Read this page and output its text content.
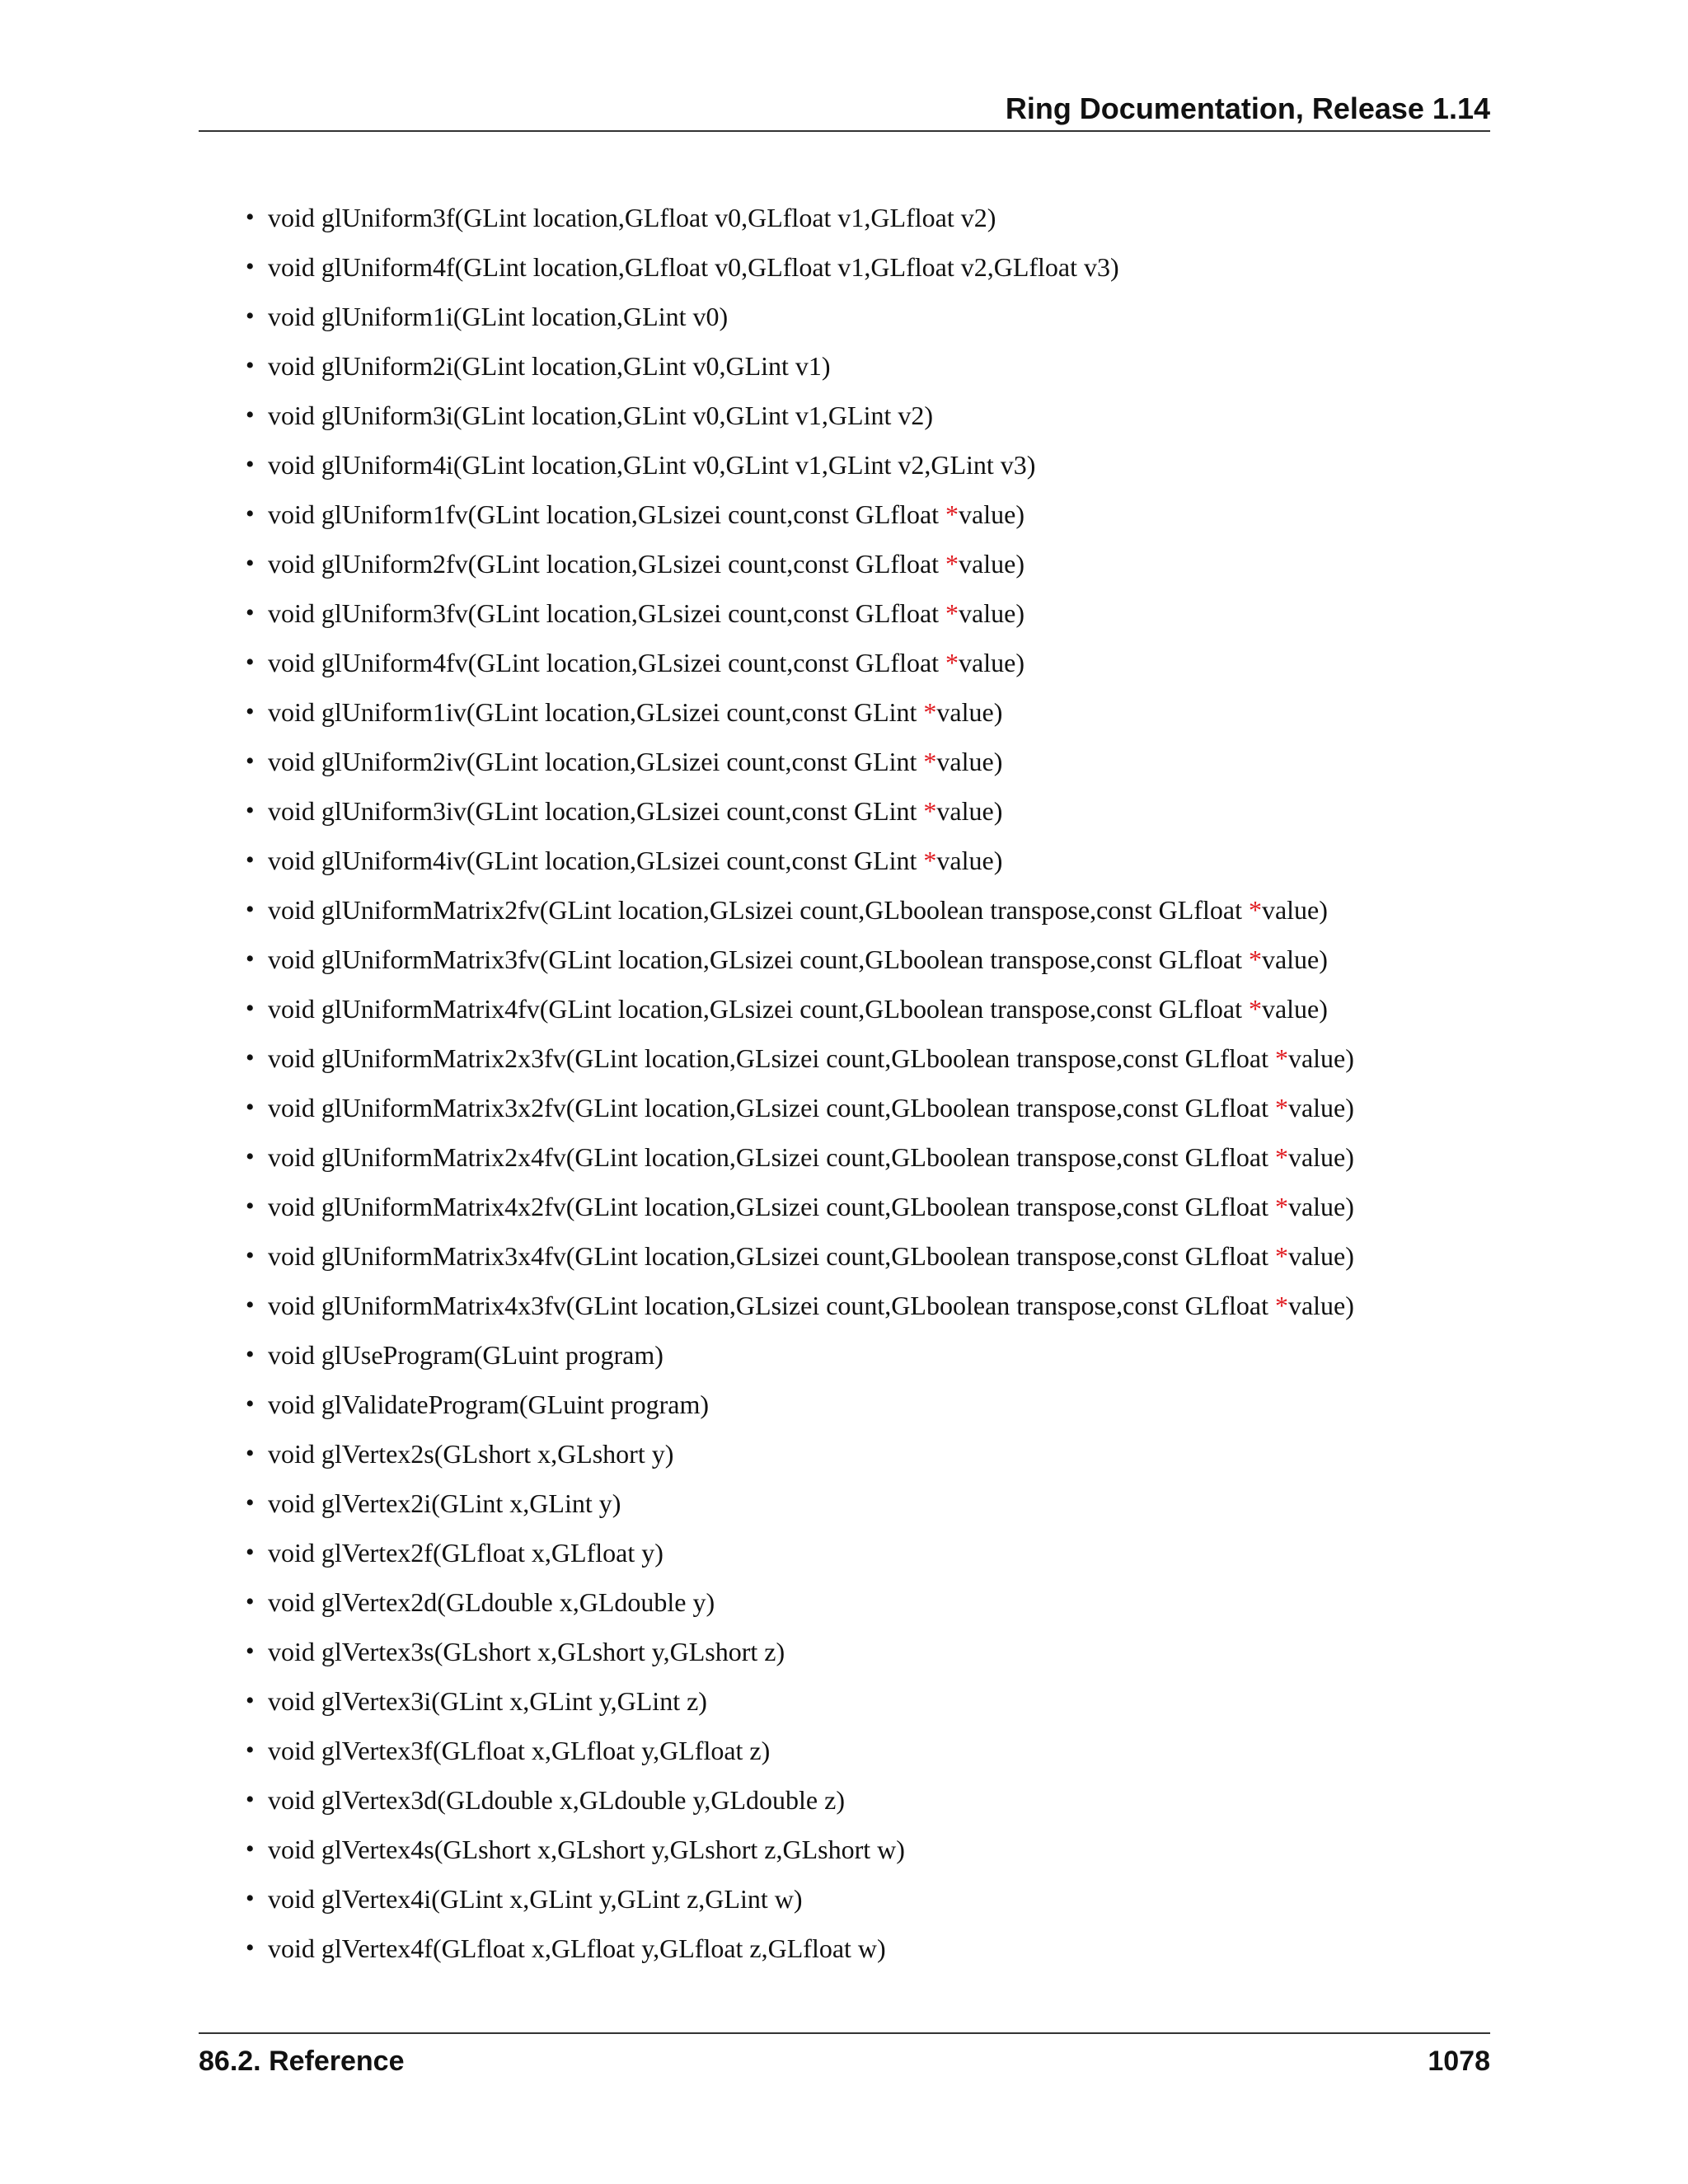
Ring Documentation, Release 1.14
• void glUniform3f(GLint location,GLfloat v0,GLfloat v1,GLfloat v2)
• void glUniform4f(GLint location,GLfloat v0,GLfloat v1,GLfloat v2,GLfloat v3)
• void glUniform1i(GLint location,GLint v0)
• void glUniform2i(GLint location,GLint v0,GLint v1)
• void glUniform3i(GLint location,GLint v0,GLint v1,GLint v2)
• void glUniform4i(GLint location,GLint v0,GLint v1,GLint v2,GLint v3)
• void glUniform1fv(GLint location,GLsizei count,const GLfloat *value)
• void glUniform2fv(GLint location,GLsizei count,const GLfloat *value)
• void glUniform3fv(GLint location,GLsizei count,const GLfloat *value)
• void glUniform4fv(GLint location,GLsizei count,const GLfloat *value)
• void glUniform1iv(GLint location,GLsizei count,const GLint *value)
• void glUniform2iv(GLint location,GLsizei count,const GLint *value)
• void glUniform3iv(GLint location,GLsizei count,const GLint *value)
• void glUniform4iv(GLint location,GLsizei count,const GLint *value)
• void glUniformMatrix2fv(GLint location,GLsizei count,GLboolean transpose,const GLfloat *value)
• void glUniformMatrix3fv(GLint location,GLsizei count,GLboolean transpose,const GLfloat *value)
• void glUniformMatrix4fv(GLint location,GLsizei count,GLboolean transpose,const GLfloat *value)
• void glUniformMatrix2x3fv(GLint location,GLsizei count,GLboolean transpose,const GLfloat *value)
• void glUniformMatrix3x2fv(GLint location,GLsizei count,GLboolean transpose,const GLfloat *value)
• void glUniformMatrix2x4fv(GLint location,GLsizei count,GLboolean transpose,const GLfloat *value)
• void glUniformMatrix4x2fv(GLint location,GLsizei count,GLboolean transpose,const GLfloat *value)
• void glUniformMatrix3x4fv(GLint location,GLsizei count,GLboolean transpose,const GLfloat *value)
• void glUniformMatrix4x3fv(GLint location,GLsizei count,GLboolean transpose,const GLfloat *value)
• void glUseProgram(GLuint program)
• void glValidateProgram(GLuint program)
• void glVertex2s(GLshort x,GLshort y)
• void glVertex2i(GLint x,GLint y)
• void glVertex2f(GLfloat x,GLfloat y)
• void glVertex2d(GLdouble x,GLdouble y)
• void glVertex3s(GLshort x,GLshort y,GLshort z)
• void glVertex3i(GLint x,GLint y,GLint z)
• void glVertex3f(GLfloat x,GLfloat y,GLfloat z)
• void glVertex3d(GLdouble x,GLdouble y,GLdouble z)
• void glVertex4s(GLshort x,GLshort y,GLshort z,GLshort w)
• void glVertex4i(GLint x,GLint y,GLint z,GLint w)
• void glVertex4f(GLfloat x,GLfloat y,GLfloat z,GLfloat w)
86.2. Reference	1078
